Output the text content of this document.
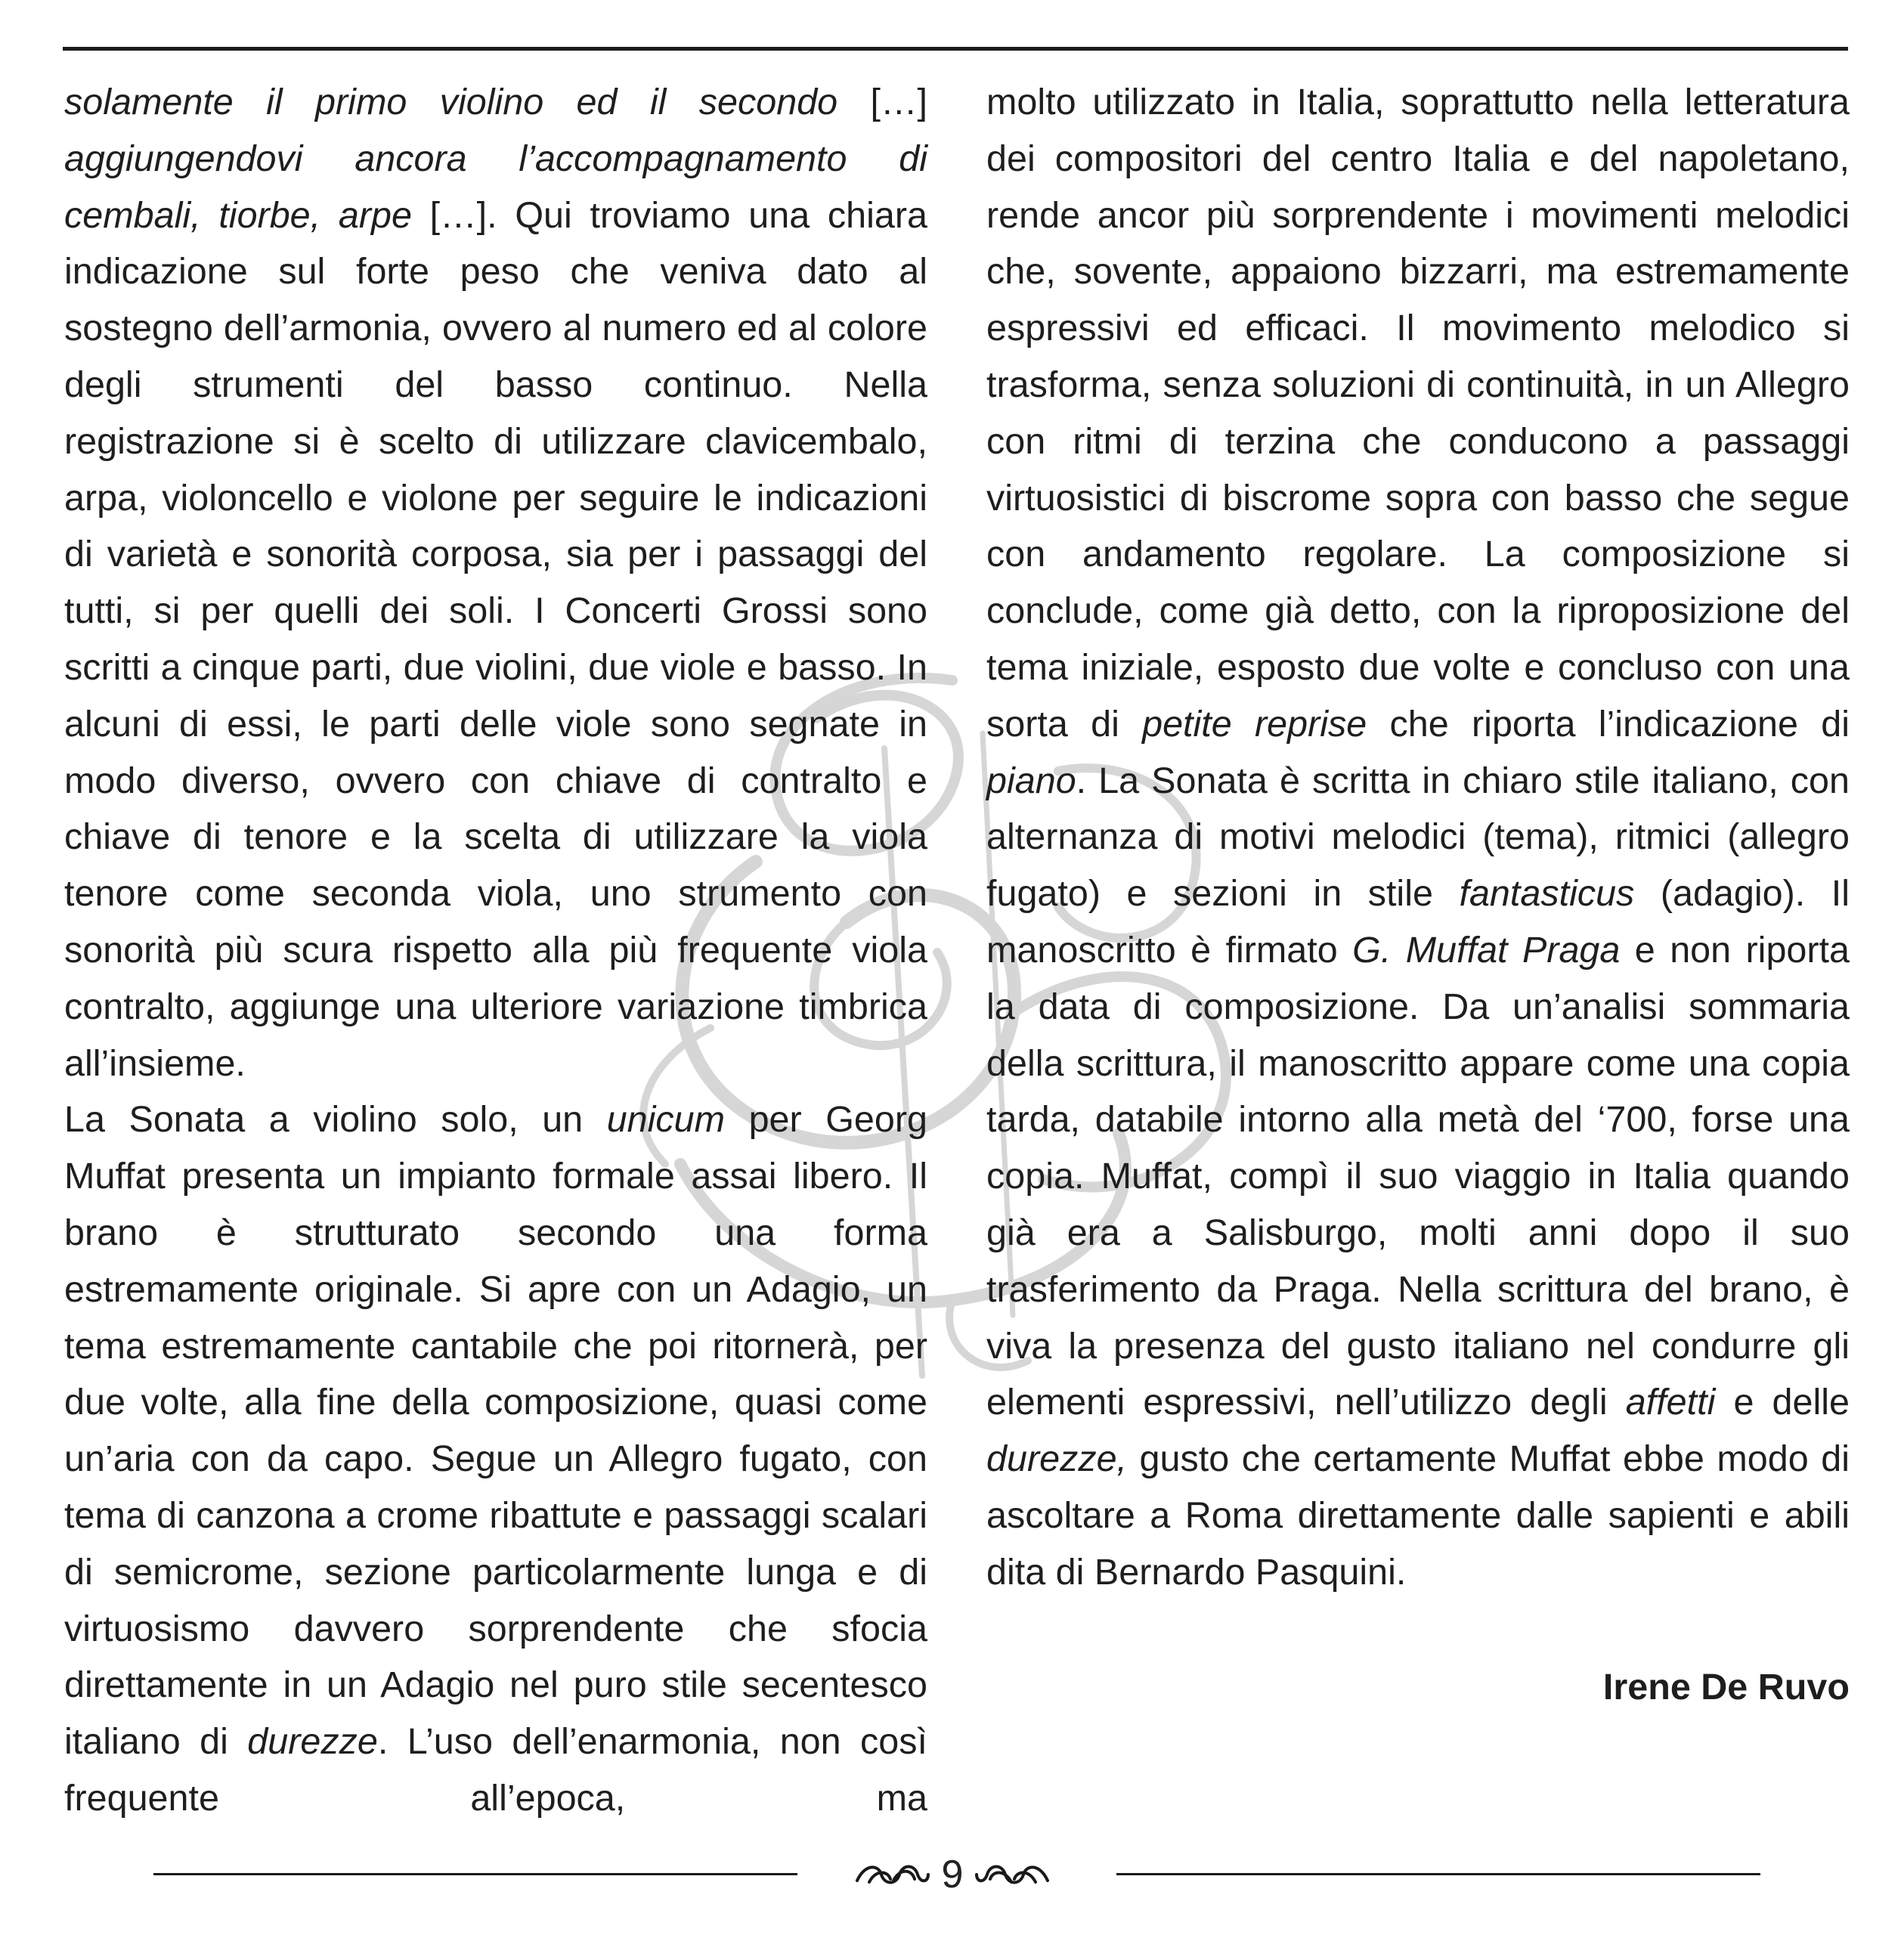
solamente il primo violino ed il secondo […] aggiungendovi ancora l’accompagnamento di cembali, tiorbe, arpe […]. Qui troviamo una chiara indicazione sul forte peso che veniva dato al sostegno dell’armonia, ovvero al numero ed al colore degli strumenti del basso continuo. Nella registrazione si è scelto di utilizzare clavicembalo, arpa, violoncello e violone per seguire le indicazioni di varietà e sonorità corposa, sia per i passaggi del tutti, si per quelli dei soli. I Concerti Grossi sono scritti a cinque parti, due violini, due viole e basso. In alcuni di essi, le parti delle viole sono segnate in modo diverso, ovvero con chiave di contralto e chiave di tenore e la scelta di utilizzare la viola tenore come seconda viola, uno strumento con sonorità più scura rispetto alla più frequente viola contralto, aggiunge una ulteriore variazione timbrica all’insieme.

La Sonata a violino solo, un unicum per Georg Muffat presenta un impianto formale assai libero. Il brano è strutturato secondo una forma estremamente originale. Si apre con un Adagio, un tema estremamente cantabile che poi ritornerà, per due volte, alla fine della composizione, quasi come un’aria con da capo. Segue un Allegro fugato, con tema di canzona a crome ribattute e passaggi scalari di semicrome, sezione particolarmente lunga e di virtuosismo davvero sorprendente che sfocia direttamente in un Adagio nel puro stile secentesco italiano di durezze. L’uso dell’enarmonia, non così frequente all’epoca, ma

molto utilizzato in Italia, soprattutto nella letteratura dei compositori del centro Italia e del napoletano, rende ancor più sorprendente i movimenti melodici che, sovente, appaiono bizzarri, ma estremamente espressivi ed efficaci. Il movimento melodico si trasforma, senza soluzioni di continuità, in un Allegro con ritmi di terzina che conducono a passaggi virtuosistici di biscrome sopra con basso che segue con andamento regolare. La composizione si conclude, come già detto, con la riproposizione del tema iniziale, esposto due volte e concluso con una sorta di petite reprise che riporta l’indicazione di piano. La Sonata è scritta in chiaro stile italiano, con alternanza di motivi melodici (tema), ritmici (allegro fugato) e sezioni in stile fantasticus (adagio). Il manoscritto è firmato G. Muffat Praga e non riporta la data di composizione. Da un’analisi sommaria della scrittura, il manoscritto appare come una copia tarda, databile intorno alla metà del ‘700, forse una copia. Muffat, compì il suo viaggio in Italia quando già era a Salisburgo, molti anni dopo il suo trasferimento da Praga. Nella scrittura del brano, è viva la presenza del gusto italiano nel condurre gli elementi espressivi, nell’utilizzo degli affetti e delle durezze, gusto che certamente Muffat ebbe modo di ascoltare a Roma direttamente dalle sapienti e abili dita di Bernardo Pasquini.

Irene De Ruvo
9
